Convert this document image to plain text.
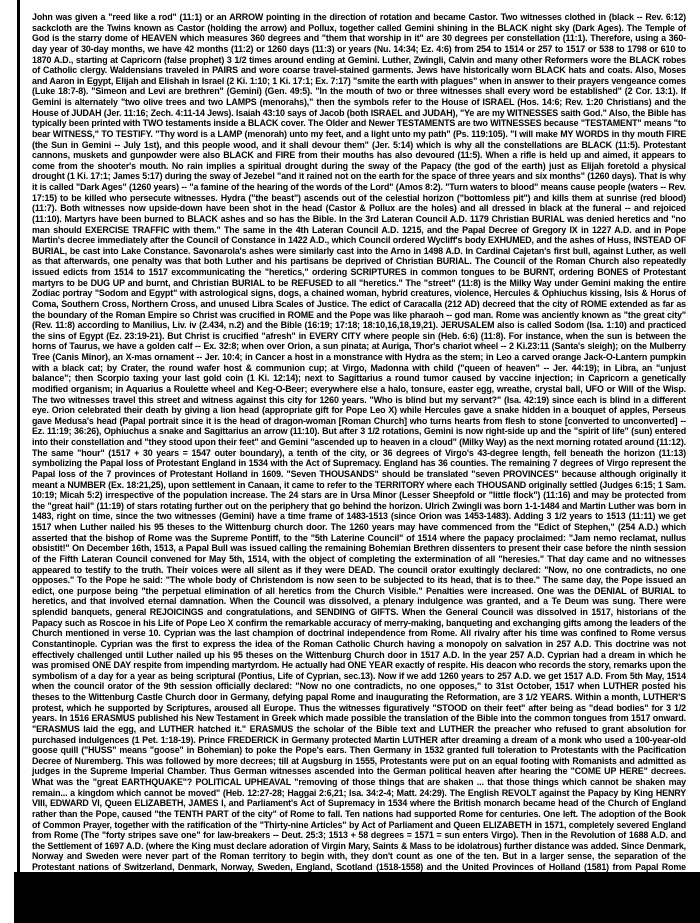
John was given a "reed like a rod" (11:1) or an ARROW pointing in the direction of rotation and became Castor. Two witnesses clothed in (black -- Rev. 6:12) sackcloth are the Twins known as Castor (holding the arrow) and Pollux, together called Gemini shining in the BLACK night sky (Dark Ages). The Temple of God is the starry dome of HEAVEN which measures 360 degrees and "them that worship in it" are 30 degrees per constellation (11:1). Therefore, using a 360-day year of 30-day months, we have 42 months (11:2) or 1260 days (11:3) or years (Nu. 14:34; Ez. 4:6) from 254 to 1514 or 257 to 1517 or 538 to 1798 or 610 to 1870 A.D., starting at Capricorn (false prophet) 3 1/2 times around ending at Gemini. Luther, Zwingli, Calvin and many other Reformers wore the BLACK robes of Catholic clergy. Waldensians traveled in PAIRS and wore coarse travel-stained garments. Jews have historically worn BLACK hats and coats. Also, Moses and Aaron in Egypt, Elijah and Elishah in Israel (2 Ki. 1:10; 1 Ki. 17:1; Ex. 7:17) "smite the earth with plagues" when in answer to their prayers vengeance comes (Luke 18:7-8). "Simeon and Levi are brethren" (Gemini) (Gen. 49:5). "In the mouth of two or three witnesses shall every word be established" (2 Cor. 13:1). If Gemini is alternately "two olive trees and two LAMPS (menorahs)," then the symbols refer to the House of ISRAEL (Hos. 14:6; Rev. 1:20 Christians) and the House of JUDAH (Jer. 11:16; Zech. 4:11-14 Jews). Isaiah 43:10 says of Jacob (both ISRAEL and JUDAH), "Ye are my WITNESSES saith God." Also, the Bible has typically been printed with TWO testaments inside a BLACK cover. The Older and Newer TESTAMENTS are two WITNESSES because "TESTAMENT" means "to bear WITNESS," TO TESTIFY. "Thy word is a LAMP (menorah) unto my feet, and a light unto my path" (Ps. 119:105). "I will make MY WORDS in thy mouth FIRE (the Sun in Gemini -- July 1st), and this people wood, and it shall devour them" (Jer. 5:14) which is why all the constellations are BLACK (11:5). Protestant cannons, muskets and gunpowder were also BLACK and FIRE from their mouths has also devoured (11:5). When a rifle is held up and aimed, it appears to come from the shooter's mouth. No rain implies a spiritual drought during the sway of the Papacy (the god of the earth) just as Elijah foretold a physical drought (1 Ki. 17:1; James 5:17) during the sway of Jezebel "and it rained not on the earth for the space of three years and six months" (1260 days). That is why it is called "Dark Ages" (1260 years) -- "a famine of the hearing of the words of the Lord" (Amos 8:2). "Turn waters to blood" means cause people (waters -- Rev. 17:15) to be killed who persecute witnesses. Hydra ("the beast") ascends out of the celestial horizon ("bottomless pit") and kills them at sunrise (red blood) (11:7). Both witnesses now upside-down have been shot in the head (Castor & Pollux are the holes) and all dressed in black at the funeral -- and rejoiced (11:10). Martyrs have been burned to BLACK ashes and so has the Bible. In the 3rd Lateran Council A.D. 1179 Christian BURIAL was denied heretics and "no man should EXERCISE TRAFFIC with them." The same in the 4th Lateran Council A.D. 1215, and the Papal Decree of Gregory IX in 1227 A.D. and in Pope Martin's decree immediately after the Council of Constance in 1422 A.D., which Council ordered Wycliff's body EXHUMED, and the ashes of Huss, INSTEAD OF BURIAL, be cast into Lake Constance. Savonarola's ashes were similarly cast into the Arno in 1498 A.D. In Cardinal Cajetan's first bull, against Luther, as well as that afterwards, one penalty was that both Luther and his partisans be deprived of Christian BURIAL. The Council of the Roman Church also repeatedly issued edicts from 1514 to 1517 excommunicating the "heretics," ordering SCRIPTURES in common tongues to be BURNT, ordering BONES of Protestant martyrs to be DUG UP and burnt, and Christian BURIAL to be REFUSED to all "heretics." The "street" (11:8) is the Milky Way under Gemini making the entire Zodiac portray "Sodom and Egypt" with astrological signs, dogs, a chained woman, hybrid creatures, violence, Hercules & Ophiuchus kissing, Isis & Horus of Coma, Southern Cross, Northern Cross, and unused Libra Scales of Justice. The edict of Caracalla (212 AD) decreed that the city of ROME extended as far as the boundary of the Roman Empire so Christ was crucified in ROME and the Pope was like pharaoh -- god man. Rome was anciently known as "the great city" (Rev. 11:8) according to Manilius, Liv. iv (2.434, n.2) and the Bible (16:19; 17:18; 18:10,16,18,19,21). JERUSALEM also is called Sodom (Isa. 1:10) and practiced the sins of Egypt (Ez. 23:19-21). But Christ is crucified "afresh" in EVERY CITY where people sin (Heb. 6:6) (11:8). For instance, when the sun is between the horns of Taurus, we have a golden calf -- Ex. 32:8; when over Orion, a sun pinata; at Auriga, Thor's chariot wheel -- 2 Ki.23:11 (Santa's sleigh); on the Mulberry Tree (Canis Minor), an X-mas ornament -- Jer. 10:4; in Cancer a host in a monstrance with Hydra as the stem; in Leo a carved orange Jack-O-Lantern pumpkin with a black cat; by Crater, the round wafer host & communion cup; at Virgo, Madonna with child ("queen of heaven" -- Jer. 44:19); in Libra, an "unjust balance"; then Scorpio taxing your last gold coin (1 Ki. 12:14); next to Sagittarius a round tumor caused by vaccine injection; in Capricorn a genetically modified organism; in Aquarius a Roulette wheel and Keg-O-Beer; everywhere else a halo, tonsure, easter egg, wreathe, crystal ball, UFO or Will of the Wisp. The two witnesses travel this street and witness against this city for 1260 years. "Who is blind but my servant?" (Isa. 42:19) since each is blind in a different eye. Orion celebrated their death by giving a lion head (appropriate gift for Pope Leo X) while Hercules gave a snake hidden in a bouquet of apples, Perseus gave Medusa's head (Papal portrait since it is the head of dragon-woman [Roman Church] who turns hearts from flesh to stone [converted to unconverted] -- Ez. 11:19; 36:26), Ophiuchus a snake and Sagittarius an arrow (11:10). But after 3 1/2 rotations, Gemini is now right-side up and the "spirit of life" (sun) entered into their constellation and "they stood upon their feet" and Gemini "ascended up to heaven in a cloud" (Milky Way) as the next morning rotated around (11:12). The same "hour" (1517 + 30 years = 1547 outer boundary), a tenth of the city, or 36 degrees of Virgo's 43-degree length, fell beneath the horizon (11:13) symbolizing the Papal loss of Protestant England in 1534 with the Act of Supremacy. England has 36 counties. The remaining 7 degrees of Virgo represent the Papal loss of the 7 provinces of Protestant Holland in 1609. "Seven THOUSANDS" should be translated "seven PROVINCES" because although originally it meant a NUMBER (Ex. 18:21,25), upon settlement in Canaan, it came to refer to the TERRITORY where each THOUSAND originally settled (Judges 6:15; 1 Sam. 10:19; Micah 5:2) irrespective of the population increase. The 24 stars are in Ursa Minor (Lesser Sheepfold or "little flock") (11:16) and may be protected from the "great hail" (11:19) of stars rotating further out on the periphery that go behind the horizon. Ulrich Zwingli was born 1-1-1484 and Martin Luther was born in 1483, right on time, since the two witnesses (Gemini) have a time frame of 1483-1513 (since Orion was 1453-1483). Adding 3 1/2 years to 1513 (11:11) we get 1517 when Luther nailed his 95 theses to the Wittenburg church door. The 1260 years may have commenced from the "Edict of Stephen," (254 A.D.) which asserted that the bishop of Rome was the Supreme Pontiff, to the "5th Laterine Council" of 1514 where the papacy proclaimed: "Jam nemo reclamat, nullus obsistit!" On December 16th, 1513, a Papal Bull was issued calling the remaining Bohemian Brethren dissenters to present their case before the ninth session of the Fifth Lateran Council convened for May 5th, 1514, with the object of completing the extermination of all "heresies." That day came and no witnesses appeared to testify to the truth. Their voices were all silent as if they were DEAD. The council orator exultingly declared: "Now, no one contradicts, no one opposes." To the Pope he said: "The whole body of Christendom is now seen to be subjected to its head, that is to thee." The same day, the Pope issued an edict, one purpose being "the perpetual elimination of all heretics from the Church Visible." Penalties were increased. One was the DENIAL of BURIAL to heretics, and that involved eternal damnation. When the Council was dissolved, a plenary indulgence was granted, and a Te Deum was sung. There were splendid banquets, general REJOICINGS and congratulations, and SENDING of GIFTS. When the General Council was dissolved in 1517, historians of the Papacy such as Roscoe in his Life of Pope Leo X confirm the remarkable accuracy of merry-making, banqueting and exchanging gifts among the leaders of the Church mentioned in verse 10. Cyprian was the last champion of doctrinal independence from Rome. All rivalry after his time was confined to Rome versus Constantinople. Cyprian was the first to express the idea of the Roman Catholic Church having a monopoly on salvation in 257 A.D. This doctrine was not effectively challenged until Luther nailed up his 95 theses on the Wittenburg Church door in 1517 A.D. In the year 257 A.D. Cyprian had a dream in which he was promised ONE DAY respite from impending martyrdom. He actually had ONE YEAR exactly of respite. His deacon who records the story, remarks upon the symbolism of a day for a year as being scriptural (Pontius, Life of Cyprian, sec.13). Now if we add 1260 years to 257 A.D. we get 1517 A.D. From 5th May, 1514 when the council orator of the 9th session officially declared: "Now no one contradicts, no one opposes," to 31st October, 1517 when LUTHER posted his theses to the Wittenburg Castle Church door in Germany, defying papal Rome and inaugurating the Reformation, are 3 1/2 YEARS. Within a month, LUTHER'S protest, which he supported by Scriptures, aroused all Europe. Thus the witnesses figuratively "STOOD on their feet" after being as "dead bodies" for 3 1/2 years. In 1516 ERASMUS published his New Testament in Greek which made possible the translation of the Bible into the common tongues from 1517 onward. "ERASMUS laid the egg, and LUTHER hatched it." ERASMUS the scholar of the Bible text and LUTHER the preacher who refused to grant absolution for purchased indulgences (1 Pet. 1:18-19). Prince FREDERICK in Germany protected Martin LUTHER after dreaming a dream of a monk who used a 100-year-old goose quill ("HUSS" means "goose" in Bohemian) to poke the Pope's ears. Then Germany in 1532 granted full toleration to Protestants with the Pacification Decree of Nuremberg. This was followed by more decrees; till at Augsburg in 1555, Protestants were put on an equal footing with Romanists and admitted as judges in the Supreme Imperial Chamber. Thus German witnesses ascended into the German political heaven after hearing the "COME UP HERE" decrees. What was the "great EARTHQUAKE"? POLITICAL UPHEAVAL "removing of those things that are shaken ... that those things which cannot be shaken may remain... a kingdom which cannot be moved" (Heb. 12:27-28; Haggai 2:6,21; Isa. 34:2-4; Matt. 24:29). The English REVOLT against the Papacy by King HENRY VIII, EDWARD VI, Queen ELIZABETH, JAMES I, and Parliament's Act of Supremacy in 1534 where the British monarch became head of the Church of England rather than the Pope, caused "the TENTH PART of the city" of Rome to fall. Ten nations had supported Rome for centuries. One left. The adoption of the Book of Common Prayer, together with the ratification of the "Thirty-nine Articles" by Act of Parliament and Queen ELIZABETH in 1571, completely severed England from Rome (The "forty stripes save one" for law-breakers -- Deut. 25:3; 1513 + 58 degrees = 1571 = sun enters Virgo). Then in the Revolution of 1688 A.D. and the Settlement of 1697 A.D. (where the King must declare adoration of Virgin Mary, Saints & Mass to be idolatrous) further distance was added. Since Denmark, Norway and Sweden were never part of the Roman territory to begin with, they don't count as one of the ten. But in a larger sense, the separation of the Protestant nations of Switzerland, Denmark, Norway, Sweden, England, Scotland (1518-1558) and the United Provinces of Holland (1581) from Papal Rome
